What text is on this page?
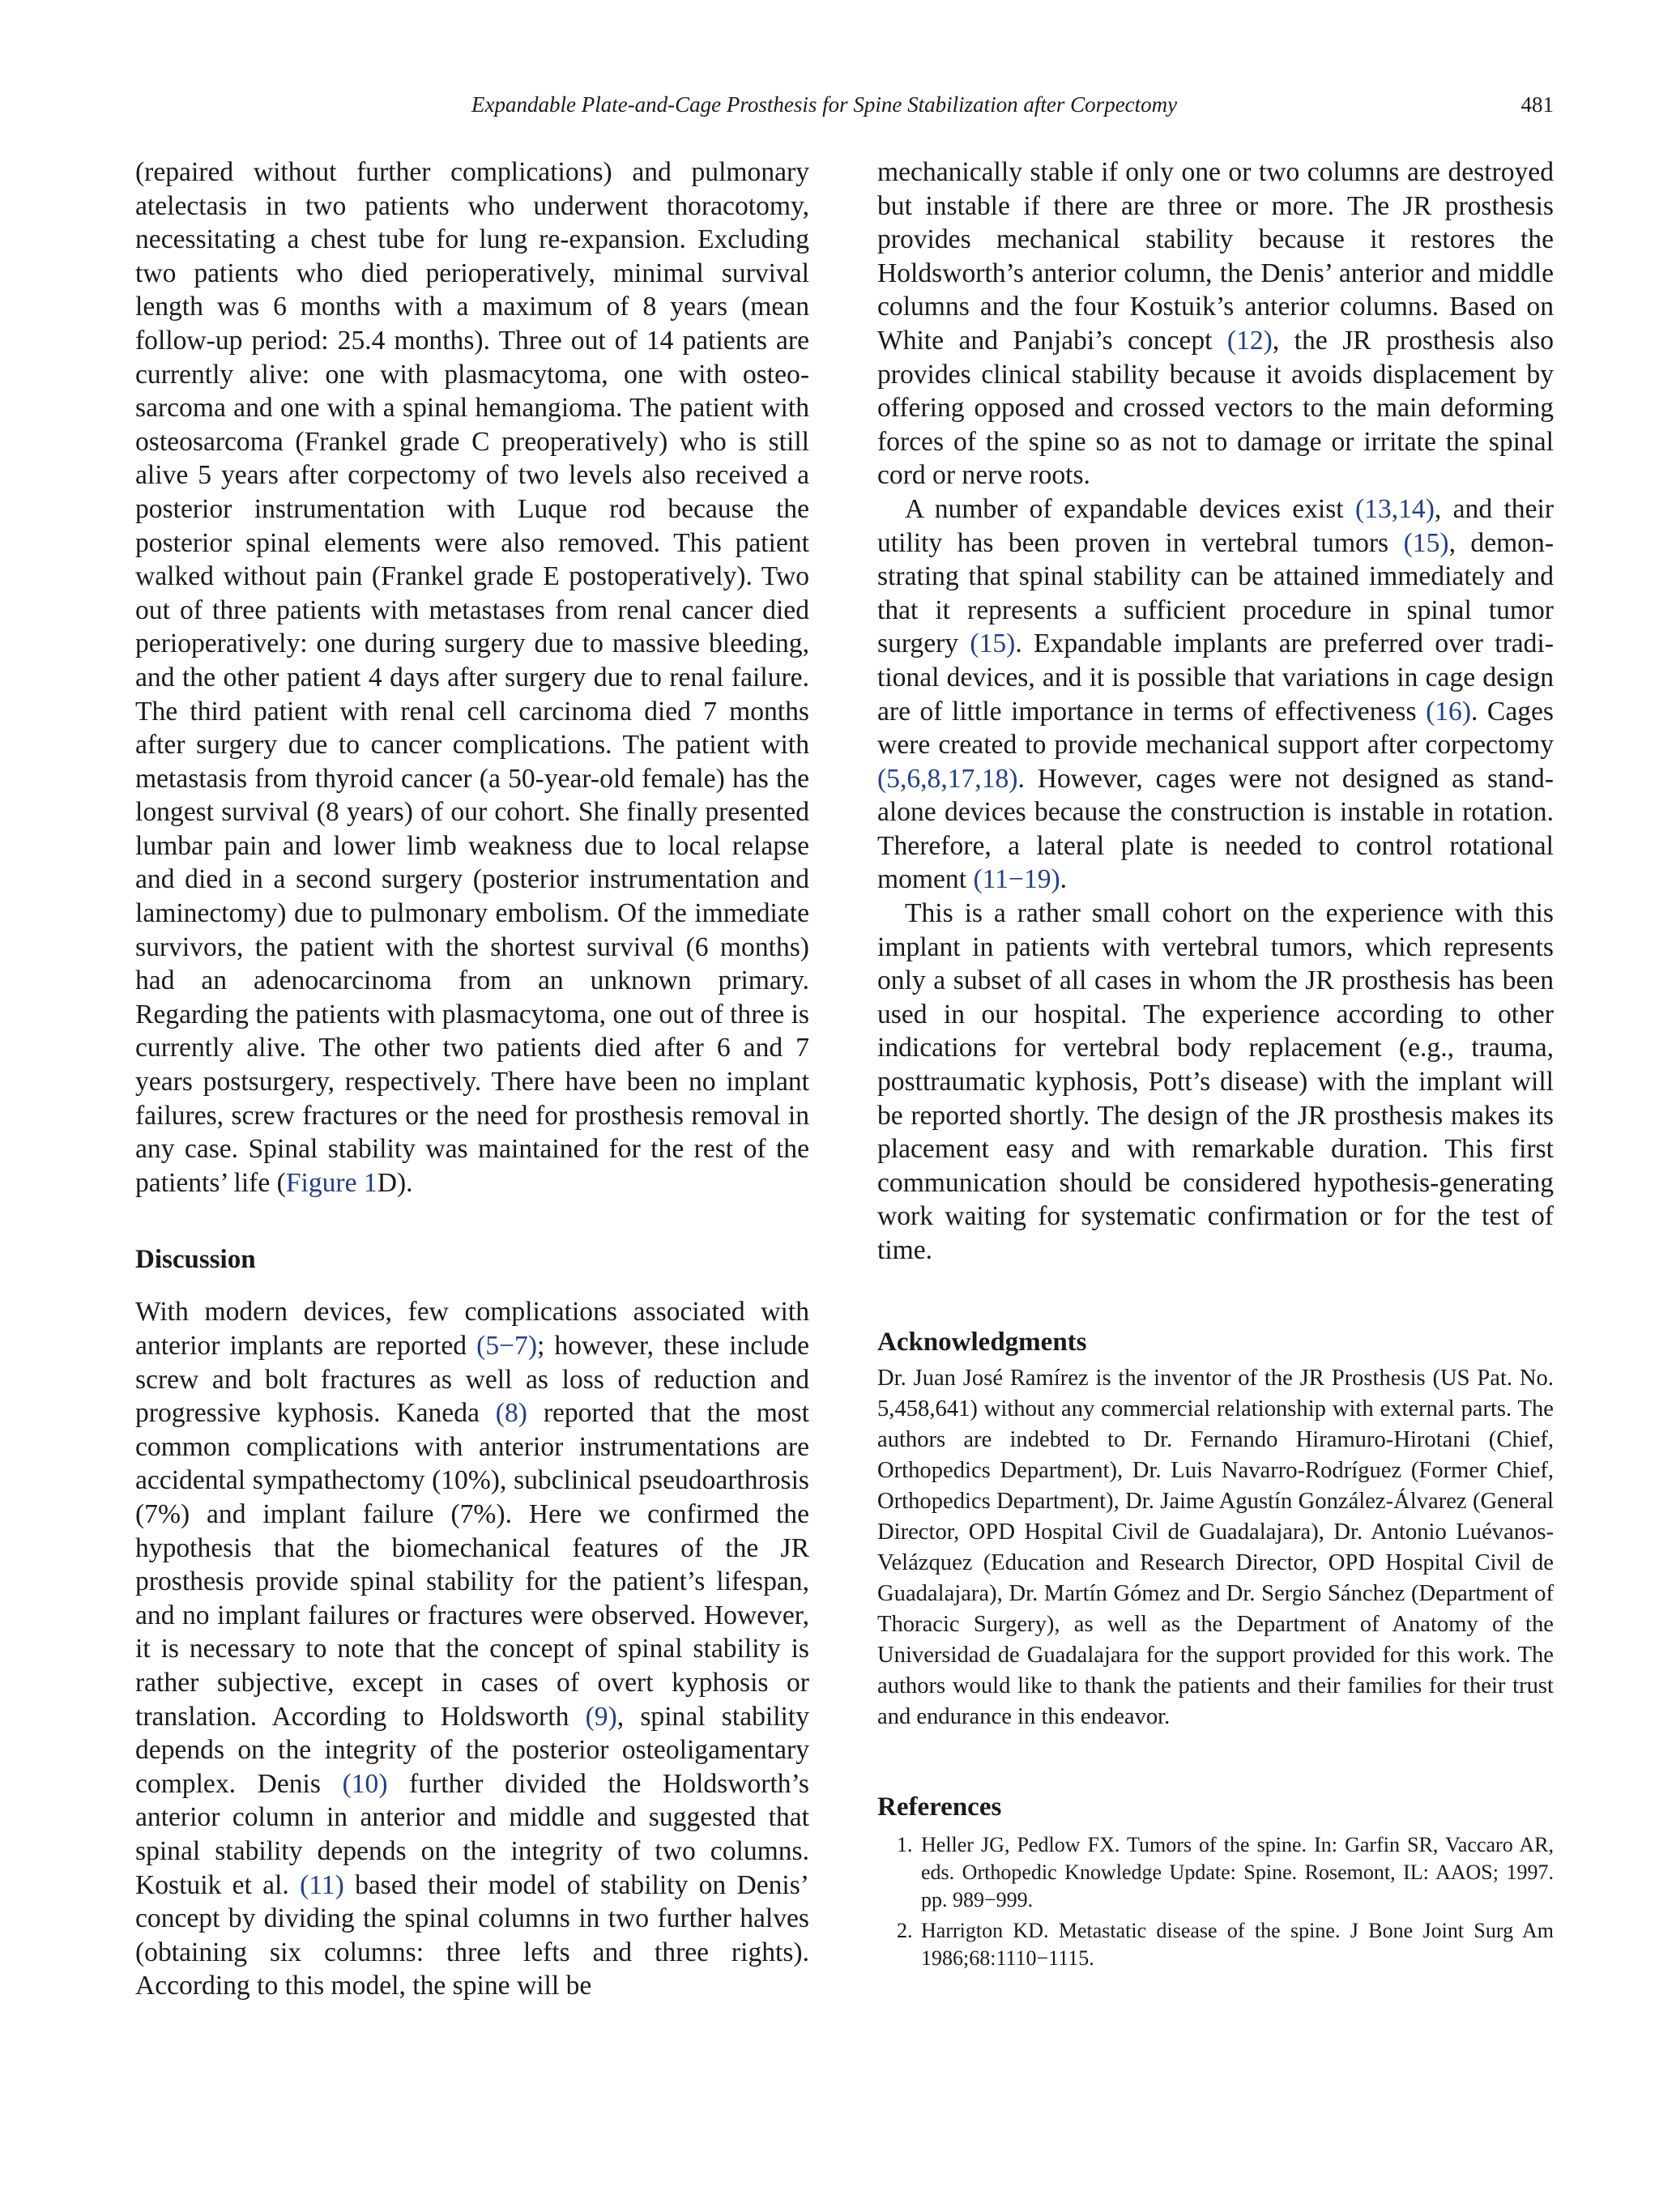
Expandable Plate-and-Cage Prosthesis for Spine Stabilization after Corpectomy	481

(repaired without further complications) and pulmonary atelectasis in two patients who underwent thoracotomy, necessitating a chest tube for lung re-expansion. Excluding two patients who died perioperatively, minimal survival length was 6 months with a maximum of 8 years (mean follow-up period: 25.4 months). Three out of 14 patients are currently alive: one with plasmacytoma, one with osteosarcoma and one with a spinal hemangioma. The patient with osteosarcoma (Frankel grade C preoperatively) who is still alive 5 years after corpectomy of two levels also received a posterior instrumentation with Luque rod because the posterior spinal elements were also removed. This patient walked without pain (Frankel grade E postoperatively). Two out of three patients with metastases from renal cancer died perioperatively: one during surgery due to massive bleeding, and the other patient 4 days after surgery due to renal failure. The third patient with renal cell carcinoma died 7 months after surgery due to cancer complications. The patient with metastasis from thyroid cancer (a 50-year-old female) has the longest survival (8 years) of our cohort. She finally presented lumbar pain and lower limb weakness due to local relapse and died in a second surgery (posterior instrumentation and laminectomy) due to pulmonary embolism. Of the immediate survivors, the patient with the shortest survival (6 months) had an adenocarcinoma from an unknown primary. Regarding the patients with plasmacytoma, one out of three is currently alive. The other two patients died after 6 and 7 years postsurgery, respectively. There have been no implant failures, screw fractures or the need for prosthesis removal in any case. Spinal stability was maintained for the rest of the patients’ life (Figure 1D).

Discussion

With modern devices, few complications associated with anterior implants are reported (5−7); however, these include screw and bolt fractures as well as loss of reduction and progressive kyphosis. Kaneda (8) reported that the most common complications with anterior instrumentations are accidental sympathectomy (10%), subclinical pseudoarthrosis (7%) and implant failure (7%). Here we confirmed the hypothesis that the biomechanical features of the JR prosthesis provide spinal stability for the patient’s lifespan, and no implant failures or fractures were observed. However, it is necessary to note that the concept of spinal stability is rather subjective, except in cases of overt kyphosis or translation. According to Holdsworth (9), spinal stability depends on the integrity of the posterior osteoligamentary complex. Denis (10) further divided the Holdsworth’s anterior column in anterior and middle and suggested that spinal stability depends on the integrity of two columns. Kostuik et al. (11) based their model of stability on Denis’ concept by dividing the spinal columns in two further halves (obtaining six columns: three lefts and three rights). According to this model, the spine will be

mechanically stable if only one or two columns are destroyed but instable if there are three or more. The JR prosthesis provides mechanical stability because it restores the Holdsworth’s anterior column, the Denis’ anterior and middle columns and the four Kostuik’s anterior columns. Based on White and Panjabi’s concept (12), the JR prosthesis also provides clinical stability because it avoids displacement by offering opposed and crossed vectors to the main deforming forces of the spine so as not to damage or irritate the spinal cord or nerve roots.

A number of expandable devices exist (13,14), and their utility has been proven in vertebral tumors (15), demonstrating that spinal stability can be attained immediately and that it represents a sufficient procedure in spinal tumor surgery (15). Expandable implants are preferred over traditional devices, and it is possible that variations in cage design are of little importance in terms of effectiveness (16). Cages were created to provide mechanical support after corpectomy (5,6,8,17,18). However, cages were not designed as stand-alone devices because the construction is instable in rotation. Therefore, a lateral plate is needed to control rotational moment (11−19).

This is a rather small cohort on the experience with this implant in patients with vertebral tumors, which represents only a subset of all cases in whom the JR prosthesis has been used in our hospital. The experience according to other indications for vertebral body replacement (e.g., trauma, posttraumatic kyphosis, Pott’s disease) with the implant will be reported shortly. The design of the JR prosthesis makes its placement easy and with remarkable duration. This first communication should be considered hypothesis-generating work waiting for systematic confirmation or for the test of time.

Acknowledgments

Dr. Juan José Ramírez is the inventor of the JR Prosthesis (US Pat. No. 5,458,641) without any commercial relationship with external parts. The authors are indebted to Dr. Fernando Hiramuro-Hirotani (Chief, Orthopedics Department), Dr. Luis Navarro-Rodríguez (Former Chief, Orthopedics Department), Dr. Jaime Agustín González-Álvarez (General Director, OPD Hospital Civil de Guadalajara), Dr. Antonio Luévanos-Velázquez (Education and Research Director, OPD Hospital Civil de Guadalajara), Dr. Martín Gómez and Dr. Sergio Sánchez (Department of Thoracic Surgery), as well as the Department of Anatomy of the Universidad de Guadalajara for the support provided for this work. The authors would like to thank the patients and their families for their trust and endurance in this endeavor.

References
1. Heller JG, Pedlow FX. Tumors of the spine. In: Garfin SR, Vaccaro AR, eds. Orthopedic Knowledge Update: Spine. Rosemont, IL: AAOS; 1997. pp. 989−999.
2. Harrigton KD. Metastatic disease of the spine. J Bone Joint Surg Am 1986;68:1110−1115.
